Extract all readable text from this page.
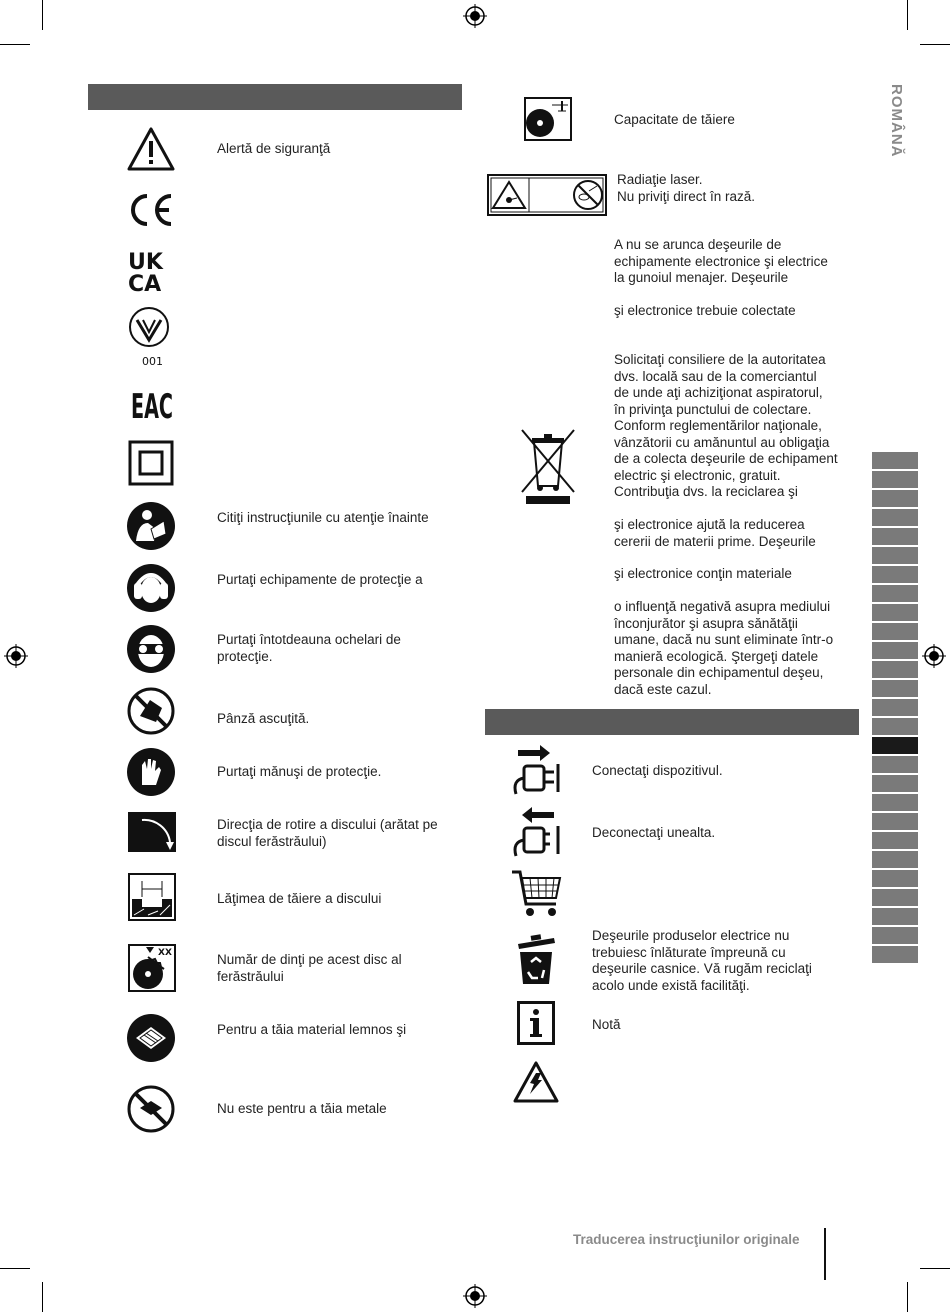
ROMÂNĂ
UK
CA
001
EAC
XX
Alertă de siguranţă
Citiţi instrucţiunile cu atenţie înainte
Purtaţi echipamente de protecţie a
Purtaţi întotdeauna ochelari de protecţie.
Pânză ascuţită.
Purtaţi mănuşi de protecţie.
Direcţia de rotire a discului (arătat pe discul ferăstrăului)
Lăţimea de tăiere a discului
Număr de dinţi pe acest disc al ferăstrăului
Pentru a tăia material lemnos şi
Nu este pentru a tăia metale
Capacitate de tăiere
Radiaţie laser.
Nu priviţi direct în rază.
A nu se arunca deşeurile de
echipamente electronice şi electrice
la gunoiul menajer. Deşeurile
şi electronice trebuie colectate
Solicitaţi consiliere de la autoritatea
dvs. locală sau de la comerciantul
de unde aţi achiziţionat aspiratorul,
în privinţa punctului de colectare.
Conform reglementărilor naţionale,
vânzătorii cu amănuntul au obligaţia
de a colecta deşeurile de echipament
electric şi electronic, gratuit.
Contribuţia dvs. la reciclarea şi
şi electronice ajută la reducerea
cererii de materii prime. Deşeurile
şi electronice conţin materiale
o influenţă negativă asupra mediului
înconjurător şi asupra sănătăţii
umane, dacă nu sunt eliminate într-o
manieră ecologică. Ştergeţi datele
personale din echipamentul deşeu,
dacă este cazul.
Conectaţi dispozitivul.
Deconectaţi unealta.
Deşeurile produselor electrice nu
trebuiesc înlăturate împreună cu
deşeurile casnice. Vă rugăm reciclaţi
acolo unde există facilităţi.
Notă
Traducerea instrucţiunilor originale
